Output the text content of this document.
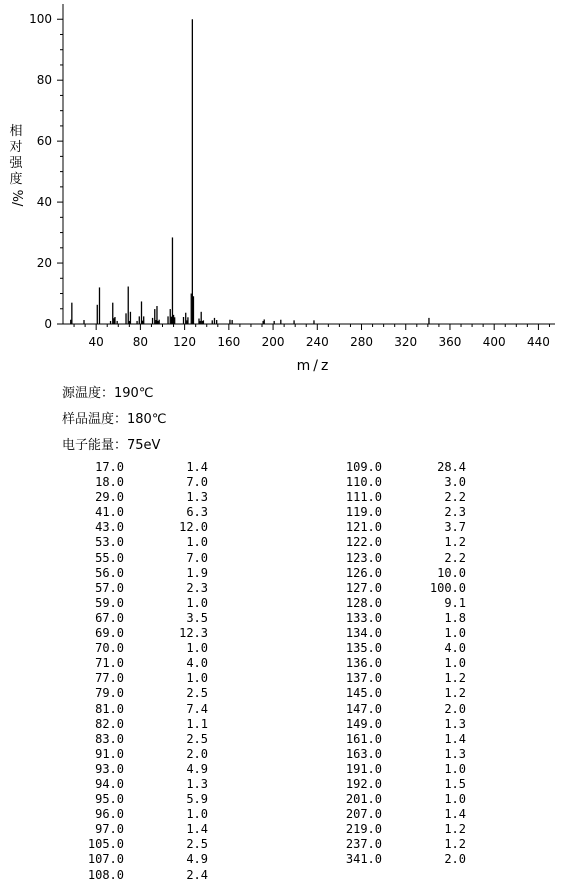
0
20
40
60
80
100
40 80 120 160 200 240 280 320 360 400 440
m/z
相对强度
%/
源温度：190℃
样品温度：180℃
电子能量：75eV
17.0	1.4
18.0	7.0
29.0	1.3
41.0	6.3
43.0	12.0
53.0	1.0
55.0	7.0
56.0	1.9
57.0	2.3
59.0	1.0
67.0	3.5
69.0	12.3
70.0	1.0
71.0	4.0
77.0	1.0
79.0	2.5
81.0	7.4
82.0	1.1
83.0	2.5
91.0	2.0
93.0	4.9
94.0	1.3
95.0	5.9
96.0	1.0
97.0	1.4
105.0	2.5
107.0	4.9
108.0	2.4
109.0	28.4
110.0	3.0
111.0	2.2
119.0	2.3
121.0	3.7
122.0	1.2
123.0	2.2
126.0	10.0
127.0	100.0
128.0	9.1
133.0	1.8
134.0	1.0
135.0	4.0
136.0	1.0
137.0	1.2
145.0	1.2
147.0	2.0
149.0	1.3
161.0	1.4
163.0	1.3
191.0	1.0
192.0	1.5
201.0	1.0
207.0	1.4
219.0	1.2
237.0	1.2
341.0	2.0
